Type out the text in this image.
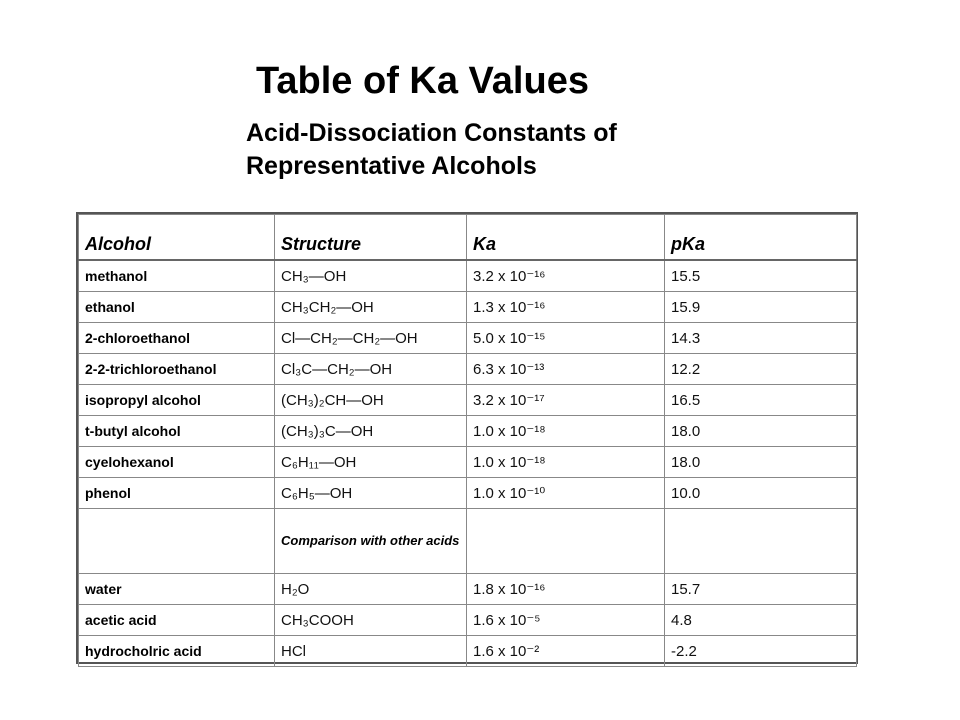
Table of Ka Values
Acid-Dissociation Constants of Representative Alcohols
Alcohol	Structure	Ka	pKa
methanol	CH₃—OH	3.2 x 10⁻¹⁶	15.5
ethanol	CH₃CH₂—OH	1.3 x 10⁻¹⁶	15.9
2-chloroethanol	Cl—CH₂—CH₂—OH	5.0 x 10⁻¹⁵	14.3
2-2-trichloroethanol	Cl₃C—CH₂—OH	6.3 x 10⁻¹³	12.2
isopropyl alcohol	(CH₃)₂CH—OH	3.2 x 10⁻¹⁷	16.5
t-butyl alcohol	(CH₃)₃C—OH	1.0 x 10⁻¹⁸	18.0
cyelohexanol	C₆H₁₁—OH	1.0 x 10⁻¹⁸	18.0
phenol	C₆H₅—OH	1.0 x 10⁻¹⁰	10.0
	Comparison with other acids		
water	H₂O	1.8 x 10⁻¹⁶	15.7
acetic acid	CH₃COOH	1.6 x 10⁻⁵	4.8
hydrocholric acid	HCl	1.6 x 10⁻²	-2.2
